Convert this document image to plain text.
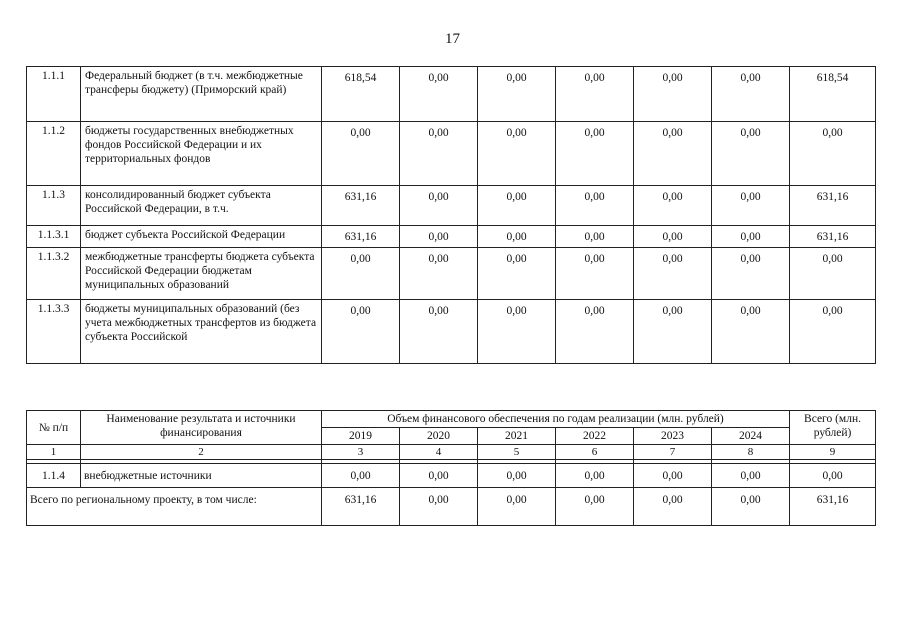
17
1.1.1	Федеральный бюджет (в т.ч. межбюджетные трансферы бюджету) (Приморский край)	618,54	0,00	0,00	0,00	0,00	0,00	618,54
1.1.2	бюджеты государственных внебюджетных фондов Российской Федерации и их территориальных фондов	0,00	0,00	0,00	0,00	0,00	0,00	0,00
1.1.3	консолидированный бюджет субъекта Российской Федерации, в т.ч.	631,16	0,00	0,00	0,00	0,00	0,00	631,16
1.1.3.1	бюджет субъекта Российской Федерации	631,16	0,00	0,00	0,00	0,00	0,00	631,16
1.1.3.2	межбюджетные трансферты бюджета субъекта Российской Федерации бюджетам муниципальных образований	0,00	0,00	0,00	0,00	0,00	0,00	0,00
1.1.3.3	бюджеты муниципальных образований (без учета межбюджетных трансфертов из бюджета субъекта Российской	0,00	0,00	0,00	0,00	0,00	0,00	0,00
№ п/п	Наименование результата и источники финансирования	Объем финансового обеспечения по годам реализации (млн. рублей)						Всего (млн. рублей)
		2019	2020	2021	2022	2023	2024	
1	2	3	4	5	6	7	8	9

1.1.4	внебюджетные источники	0,00	0,00	0,00	0,00	0,00	0,00	0,00
Всего по региональному проекту, в том числе:		631,16	0,00	0,00	0,00	0,00	0,00	631,16
